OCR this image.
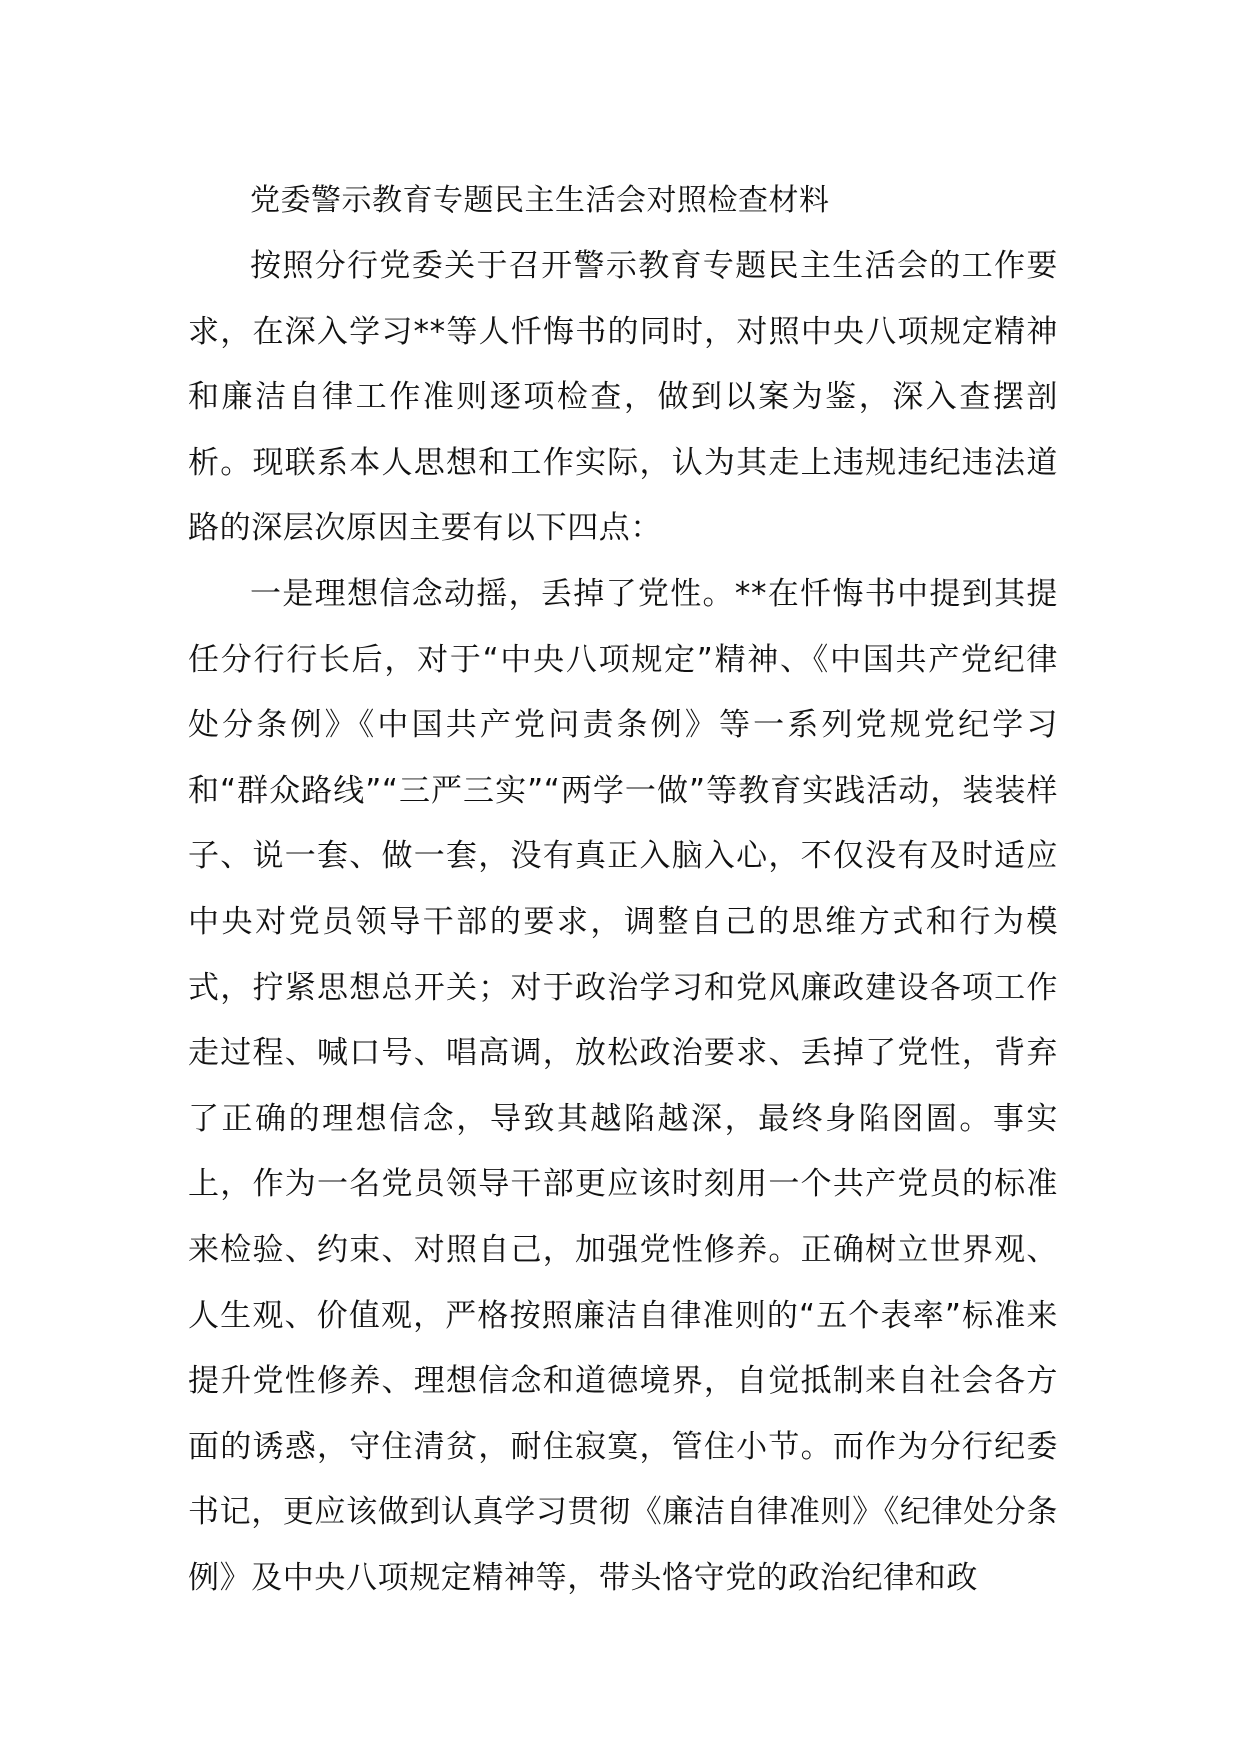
党委警示教育专题民主生活会对照检查材料

按照分行党委关于召开警示教育专题民主生活会的工作要求，在深入学习**等人忏悔书的同时，对照中央八项规定精神和廉洁自律工作准则逐项检查，做到以案为鉴，深入查摆剖析。现联系本人思想和工作实际，认为其走上违规违纪违法道路的深层次原因主要有以下四点：

一是理想信念动摇，丢掉了党性。**在忏悔书中提到其提任分行行长后，对于“中央八项规定”精神、《中国共产党纪律处分条例》《中国共产党问责条例》等一系列党规党纪学习和“群众路线”“三严三实”“两学一做”等教育实践活动，装装样子、说一套、做一套，没有真正入脑入心，不仅没有及时适应中央对党员领导干部的要求，调整自己的思维方式和行为模式，拧紧思想总开关；对于政治学习和党风廉政建设各项工作走过程、喊口号、唱高调，放松政治要求、丢掉了党性，背弃了正确的理想信念，导致其越陷越深，最终身陷囹圄。事实上，作为一名党员领导干部更应该时刻用一个共产党员的标准来检验、约束、对照自己，加强党性修养。正确树立世界观、人生观、价值观，严格按照廉洁自律准则的“五个表率”标准来提升党性修养、理想信念和道德境界，自觉抵制来自社会各方面的诱惑，守住清贫，耐住寂寞，管住小节。而作为分行纪委书记，更应该做到认真学习贯彻《廉洁自律准则》《纪律处分条例》及中央八项规定精神等，带头恪守党的政治纪律和政
